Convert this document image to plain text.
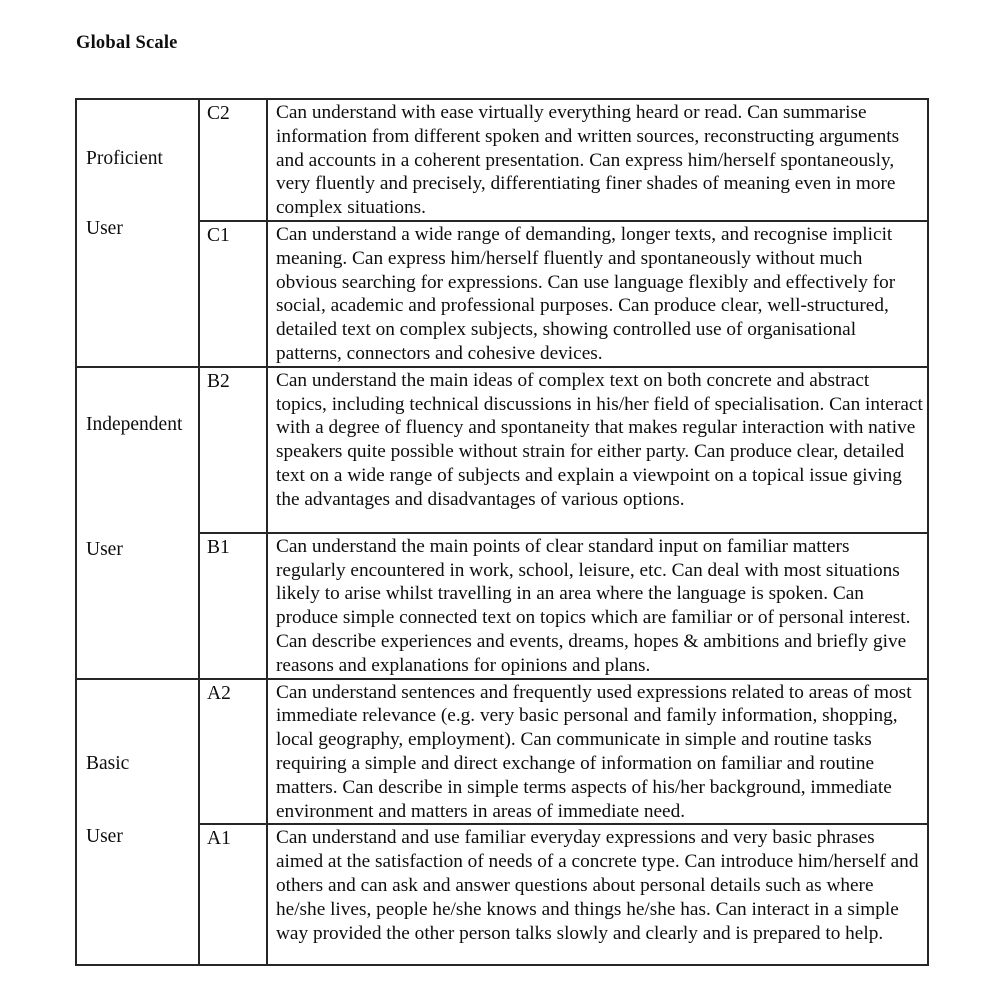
Global Scale
Proficient
User	C2	Can understand with ease virtually everything heard or read. Can summarise information from different spoken and written sources, reconstructing arguments and accounts in a coherent presentation. Can express him/herself spontaneously, very fluently and precisely, differentiating finer shades of meaning even in more complex situations.
	C1	Can understand a wide range of demanding, longer texts, and recognise implicit meaning. Can express him/herself fluently and spontaneously without much obvious searching for expressions. Can use language flexibly and effectively for social, academic and professional purposes. Can produce clear, well-structured, detailed text on complex subjects, showing controlled use of organisational patterns, connectors and cohesive devices.

Independent
User	B2	Can understand the main ideas of complex text on both concrete and abstract topics, including technical discussions in his/her field of specialisation. Can interact with a degree of fluency and spontaneity that makes regular interaction with native speakers quite possible without strain for either party. Can produce clear, detailed text on a wide range of subjects and explain a viewpoint on a topical issue giving the advantages and disadvantages of various options.
	B1	Can understand the main points of clear standard input on familiar matters regularly encountered in work, school, leisure, etc. Can deal with most situations likely to arise whilst travelling in an area where the language is spoken. Can produce simple connected text on topics which are familiar or of personal interest. Can describe experiences and events, dreams, hopes & ambitions and briefly give reasons and explanations for opinions and plans.

Basic
User	A2	Can understand sentences and frequently used expressions related to areas of most immediate relevance (e.g. very basic personal and family information, shopping, local geography, employment). Can communicate in simple and routine tasks requiring a simple and direct exchange of information on familiar and routine matters. Can describe in simple terms aspects of his/her background, immediate environment and matters in areas of immediate need.
	A1	Can understand and use familiar everyday expressions and very basic phrases aimed at the satisfaction of needs of a concrete type. Can introduce him/herself and others and can ask and answer questions about personal details such as where he/she lives, people he/she knows and things he/she has. Can interact in a simple way provided the other person talks slowly and clearly and is prepared to help.
